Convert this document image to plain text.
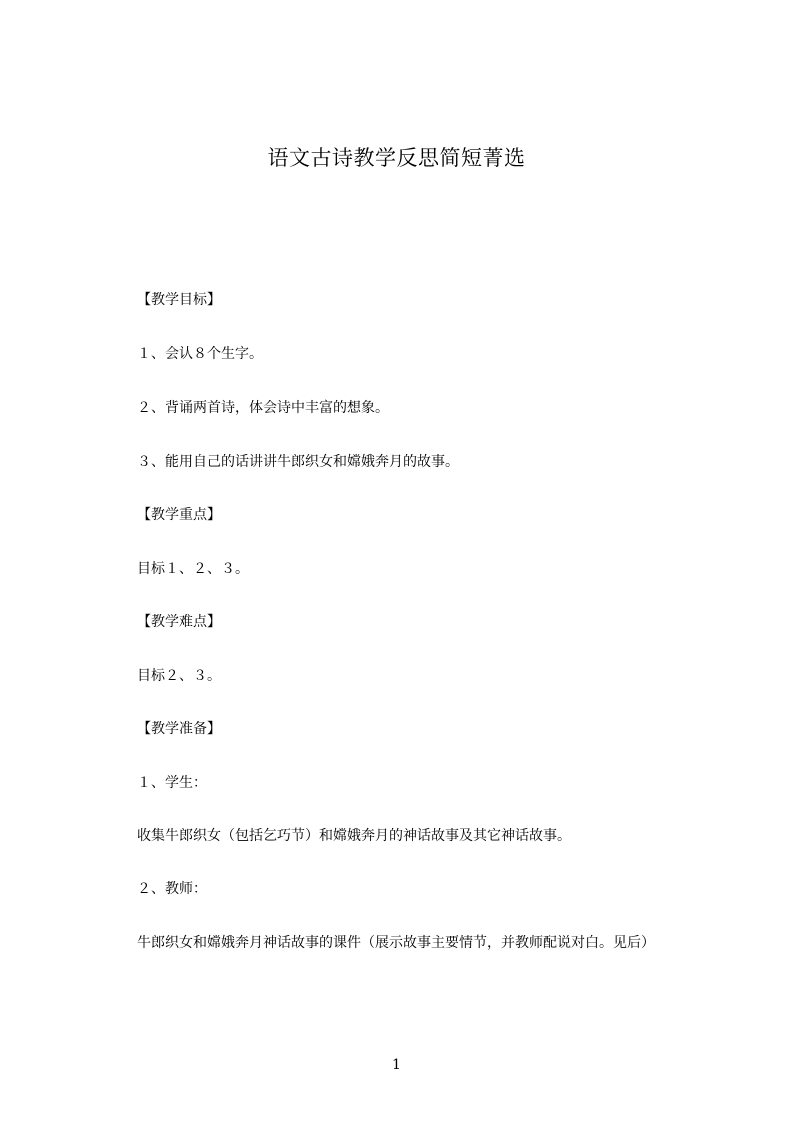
语文古诗教学反思简短菁选
【教学目标】
１、会认８个生字。
２、背诵两首诗，体会诗中丰富的想象。
３、能用自己的话讲讲牛郎织女和嫦娥奔月的故事。
【教学重点】
目标１、２、３。
【教学难点】
目标２、３。
【教学准备】
１、学生：
收集牛郎织女（包括乞巧节）和嫦娥奔月的神话故事及其它神话故事。
２、教师：
牛郎织女和嫦娥奔月神话故事的课件（展示故事主要情节，并教师配说对白。见后）
1
